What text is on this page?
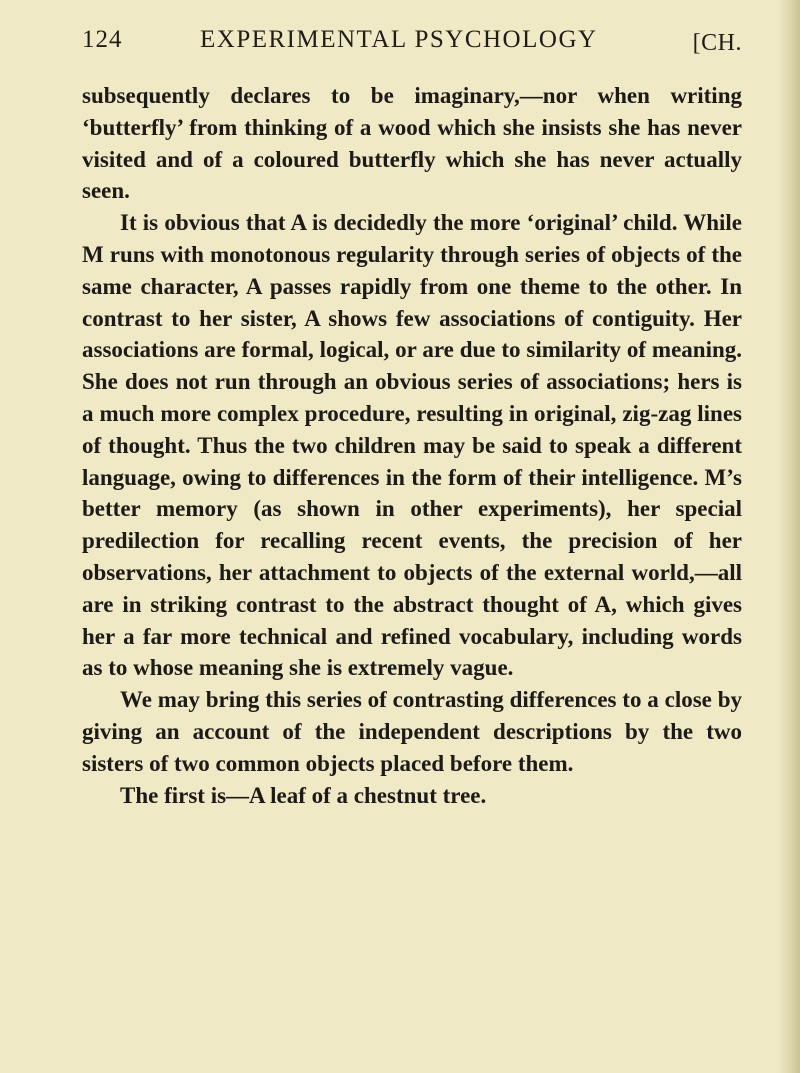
124	EXPERIMENTAL PSYCHOLOGY	[CH.

subsequently declares to be imaginary,—nor when writing ‘butterfly’ from thinking of a wood which she insists she has never visited and of a coloured butterfly which she has never actually seen.

It is obvious that A is decidedly the more ‘original’ child. While M runs with monotonous regularity through series of objects of the same character, A passes rapidly from one theme to the other. In contrast to her sister, A shows few associations of contiguity. Her associations are formal, logical, or are due to similarity of meaning. She does not run through an obvious series of associations; hers is a much more complex procedure, resulting in original, zig-zag lines of thought. Thus the two children may be said to speak a different language, owing to differences in the form of their intelligence. M’s better memory (as shown in other experiments), her special predilection for recalling recent events, the precision of her observations, her attachment to objects of the external world,—all are in striking contrast to the abstract thought of A, which gives her a far more technical and refined vocabulary, including words as to whose meaning she is extremely vague.

We may bring this series of contrasting differences to a close by giving an account of the independent descriptions by the two sisters of two common objects placed before them.

The first is—A leaf of a chestnut tree.
